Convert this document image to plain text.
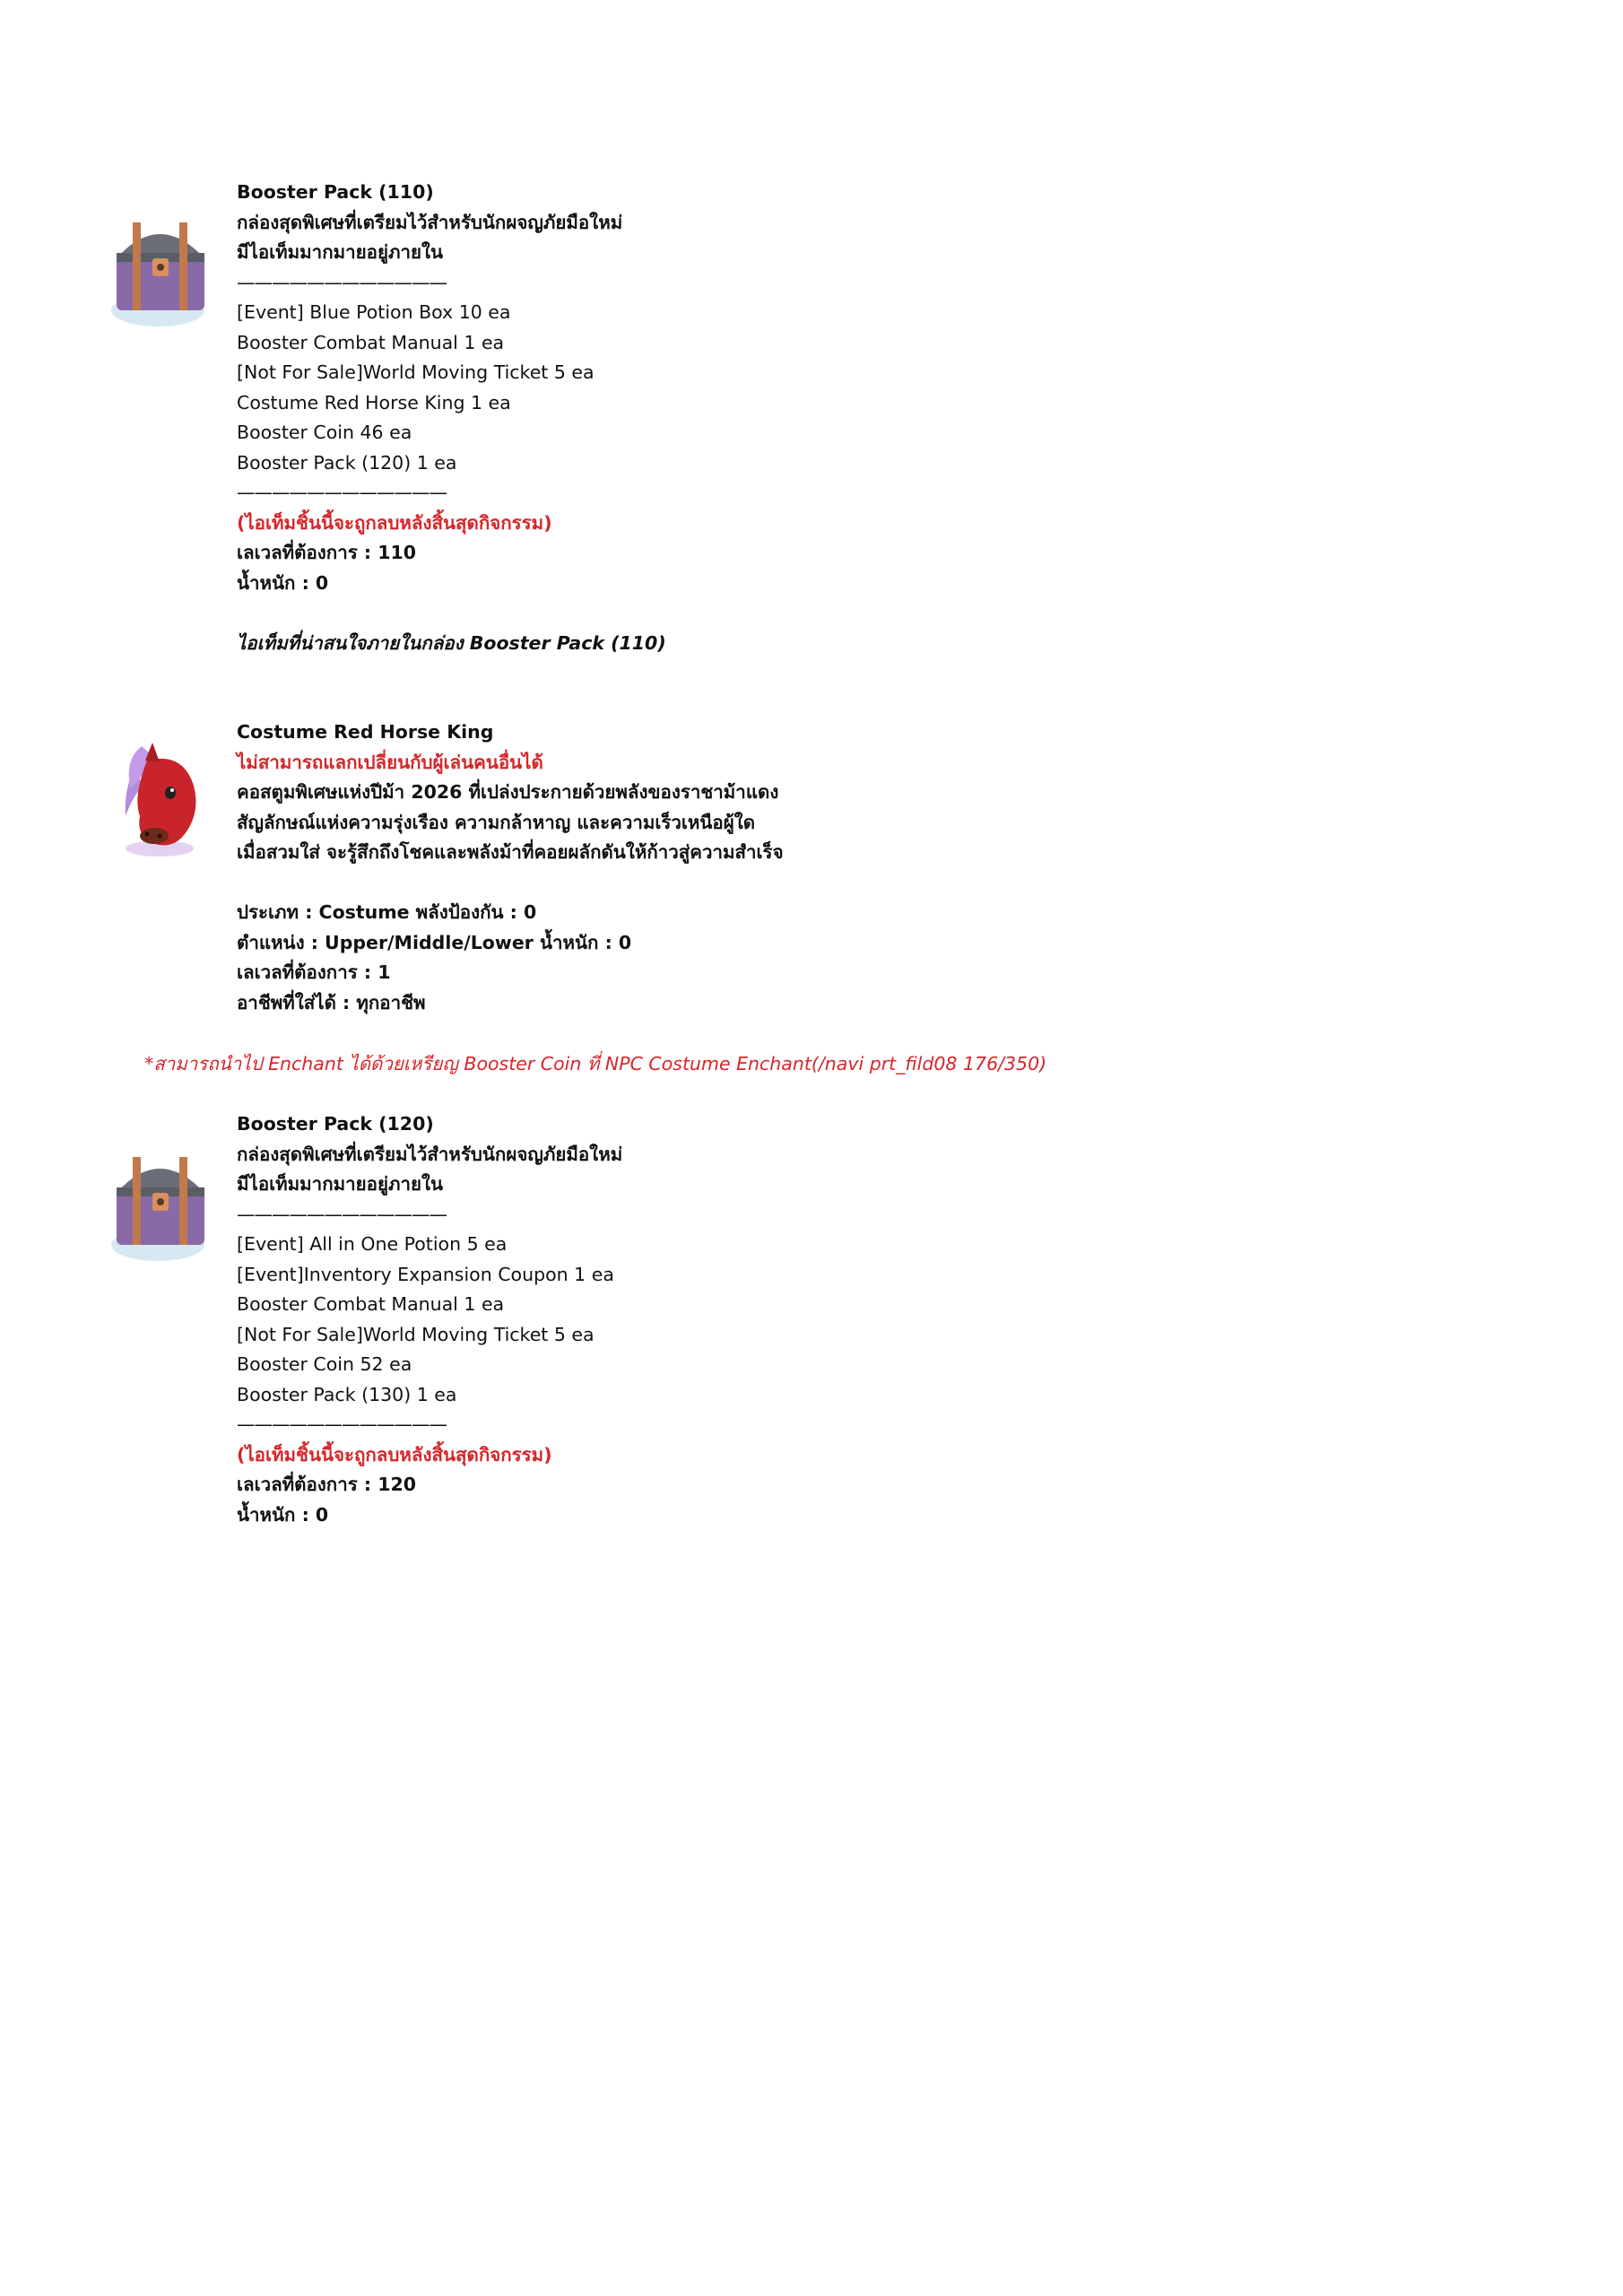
Booster Pack (110)
กล่องสุดพิเศษที่เตรียมไว้สำหรับนักผจญภัยมือใหม่
มีไอเท็มมากมายอยู่ภายใน
————————————
[Event] Blue Potion Box 10 ea
Booster Combat Manual 1 ea
[Not For Sale]World Moving Ticket 5 ea
Costume Red Horse King 1 ea
Booster Coin 46 ea
Booster Pack (120) 1 ea
————————————
(ไอเท็มชิ้นนี้จะถูกลบหลังสิ้นสุดกิจกรรม)
เลเวลที่ต้องการ : 110
น้ำหนัก : 0
ไอเท็มที่น่าสนใจภายในกล่อง Booster Pack (110)
Costume Red Horse King
ไม่สามารถแลกเปลี่ยนกับผู้เล่นคนอื่นได้
คอสตูมพิเศษแห่งปีม้า 2026 ที่เปล่งประกายด้วยพลังของราชาม้าแดง
สัญลักษณ์แห่งความรุ่งเรือง ความกล้าหาญ และความเร็วเหนือผู้ใด
เมื่อสวมใส่ จะรู้สึกถึงโชคและพลังม้าที่คอยผลักดันให้ก้าวสู่ความสำเร็จ
ประเภท : Costume พลังป้องกัน : 0
ตำแหน่ง : Upper/Middle/Lower น้ำหนัก : 0
เลเวลที่ต้องการ : 1
อาชีพที่ใส่ได้ : ทุกอาชีพ
*สามารถนำไป Enchant ได้ด้วยเหรียญ Booster Coin ที่ NPC Costume Enchant(/navi prt_fild08 176/350)
Booster Pack (120)
กล่องสุดพิเศษที่เตรียมไว้สำหรับนักผจญภัยมือใหม่
มีไอเท็มมากมายอยู่ภายใน
————————————
[Event] All in One Potion 5 ea
[Event]Inventory Expansion Coupon 1 ea
Booster Combat Manual 1 ea
[Not For Sale]World Moving Ticket 5 ea
Booster Coin 52 ea
Booster Pack (130) 1 ea
————————————
(ไอเท็มชิ้นนี้จะถูกลบหลังสิ้นสุดกิจกรรม)
เลเวลที่ต้องการ : 120
น้ำหนัก : 0
